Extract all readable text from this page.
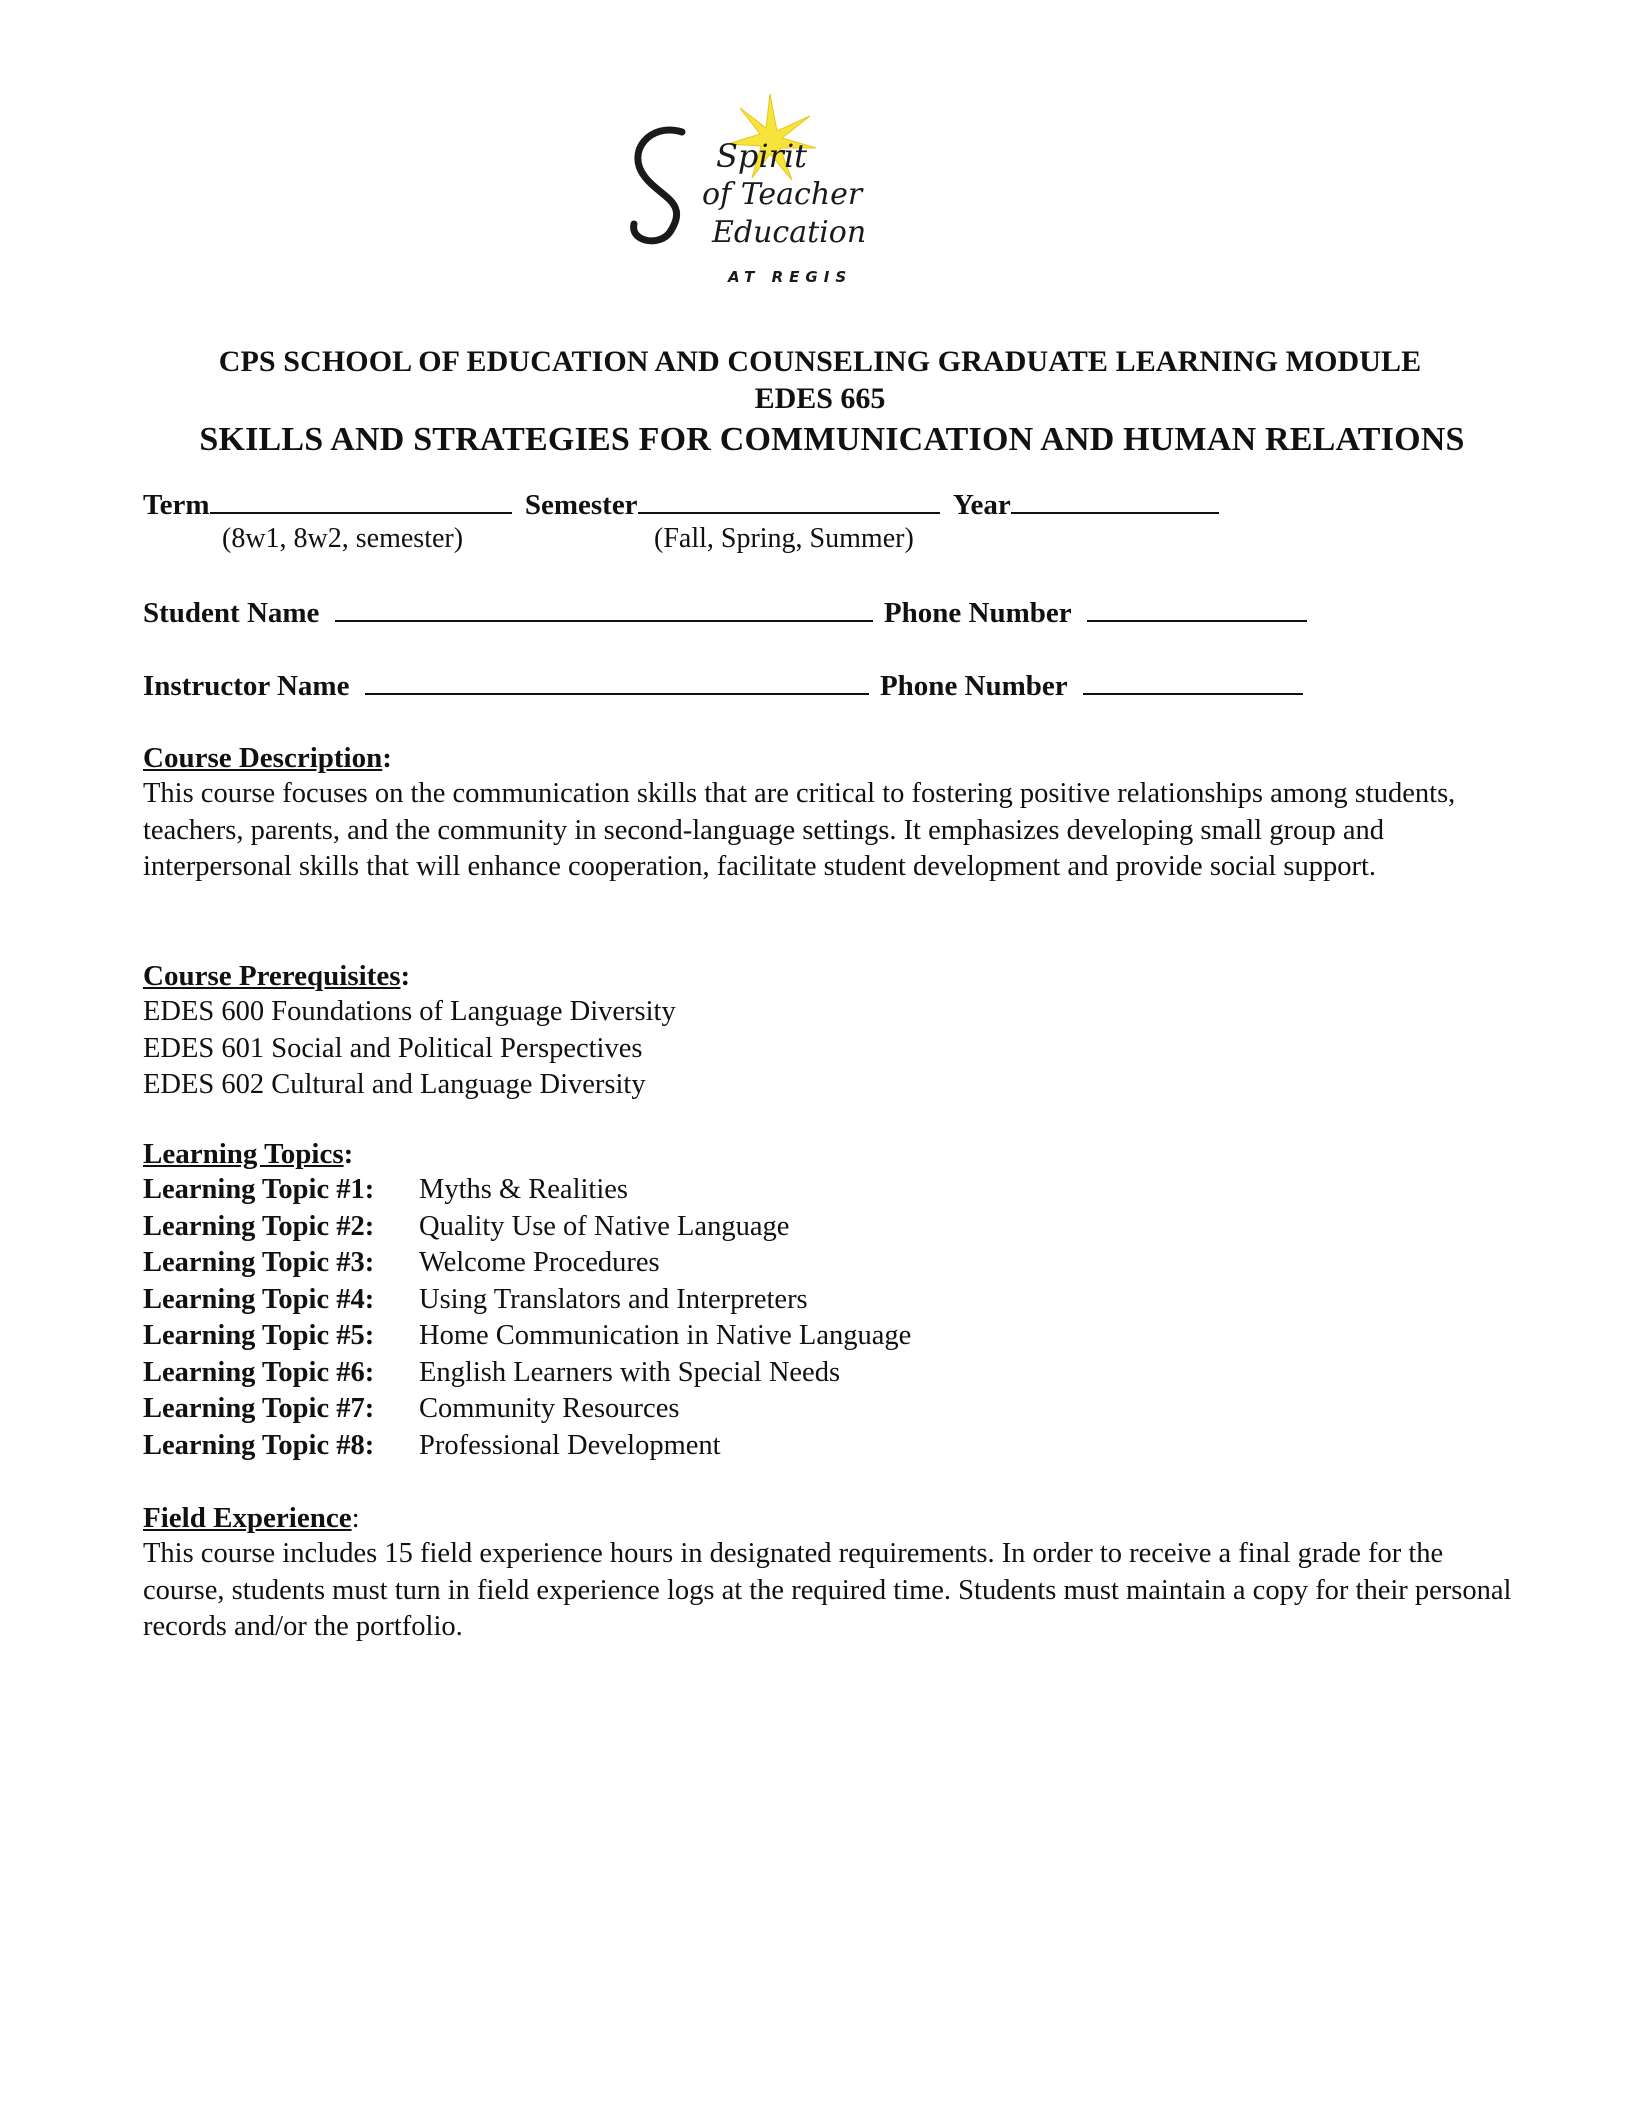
Spirit
of Teacher
Education
AT REGIS
CPS SCHOOL OF EDUCATION AND COUNSELING GRADUATE LEARNING MODULE
EDES 665
SKILLS AND STRATEGIES FOR COMMUNICATION AND HUMAN RELATIONS
Term	Semester	Year
(8w1, 8w2, semester)	(Fall, Spring, Summer)
Student Name	Phone Number
Instructor Name	Phone Number
Course Description:
This course focuses on the communication skills that are critical to fostering positive relationships among students, teachers, parents, and the community in second-language settings. It emphasizes developing small group and interpersonal skills that will enhance cooperation, facilitate student development and provide social support.
Course Prerequisites:
EDES 600 Foundations of Language Diversity
EDES 601 Social and Political Perspectives
EDES 602 Cultural and Language Diversity
Learning Topics:
Learning Topic #1: Myths & Realities
Learning Topic #2: Quality Use of Native Language
Learning Topic #3: Welcome Procedures
Learning Topic #4: Using Translators and Interpreters
Learning Topic #5: Home Communication in Native Language
Learning Topic #6: English Learners with Special Needs
Learning Topic #7: Community Resources
Learning Topic #8: Professional Development
Field Experience:
This course includes 15 field experience hours in designated requirements. In order to receive a final grade for the course, students must turn in field experience logs at the required time. Students must maintain a copy for their personal records and/or the portfolio.
